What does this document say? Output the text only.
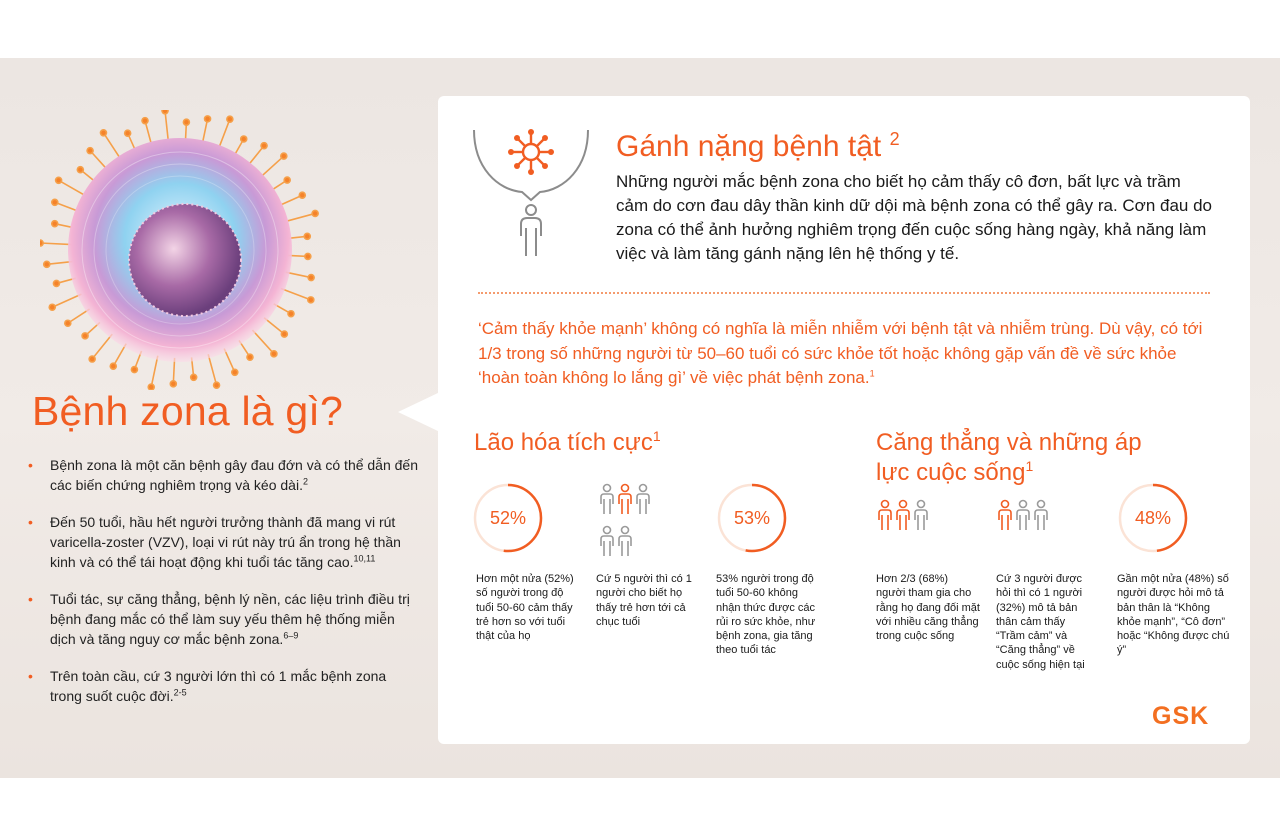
Bệnh zona là gì?
• Bệnh zona là một căn bệnh gây đau đớn và có thể dẫn đến các biến chứng nghiêm trọng và kéo dài.$^2$
• Đến 50 tuổi, hầu hết người trưởng thành đã mang vi rút varicella-zoster (VZV), loại vi rút này trú ẩn trong hệ thần kinh và có thể tái hoạt động khi tuổi tác tăng cao.$^{10,11}$
• Tuổi tác, sự căng thẳng, bệnh lý nền, các liệu trình điều trị bệnh đang mắc có thể làm suy yếu thêm hệ thống miễn dịch và tăng nguy cơ mắc bệnh zona.$^{6-9}$
• Trên toàn cầu, cứ 3 người lớn thì có 1 mắc bệnh zona trong suốt cuộc đời.$^{2-5}$
Gánh nặng bệnh tật $^2$
Những người mắc bệnh zona cho biết họ cảm thấy cô đơn, bất lực và trầm cảm do cơn đau dây thần kinh dữ dội mà bệnh zona có thể gây ra. Cơn đau do zona có thể ảnh hưởng nghiêm trọng đến cuộc sống hàng ngày, khả năng làm việc và làm tăng gánh nặng lên hệ thống y tế.
‘Cảm thấy khỏe mạnh’ không có nghĩa là miễn nhiễm với bệnh tật và nhiễm trùng. Dù vậy, có tới 1/3 trong số những người từ 50–60 tuổi có sức khỏe tốt hoặc không gặp vấn đề về sức khỏe ‘hoàn toàn không lo lắng gì’ về việc phát bệnh zona.$^1$
Lão hóa tích cực$^1$	Căng thẳng và những áp
lực cuộc sống$^1$
52%
Hơn một nửa (52%) số người trong độ tuổi 50-60 cảm thấy trẻ hơn so với tuổi thật của họ
Cứ 5 người thì có 1 người cho biết họ thấy trẻ hơn tới cả chục tuổi
53%
53% người trong độ tuổi 50-60 không nhận thức được các rủi ro sức khỏe, như bệnh zona, gia tăng theo tuổi tác
Hơn 2/3 (68%) người tham gia cho rằng họ đang đối mặt với nhiều căng thẳng trong cuộc sống
Cứ 3 người được hỏi thì có 1 người (32%) mô tả bản thân cảm thấy “Trầm cảm” và “Căng thẳng” về cuộc sống hiện tại
48%
Gần một nửa (48%) số người được hỏi mô tả bản thân là “Không khỏe mạnh”, “Cô đơn” hoặc “Không được chú ý”
GSK
